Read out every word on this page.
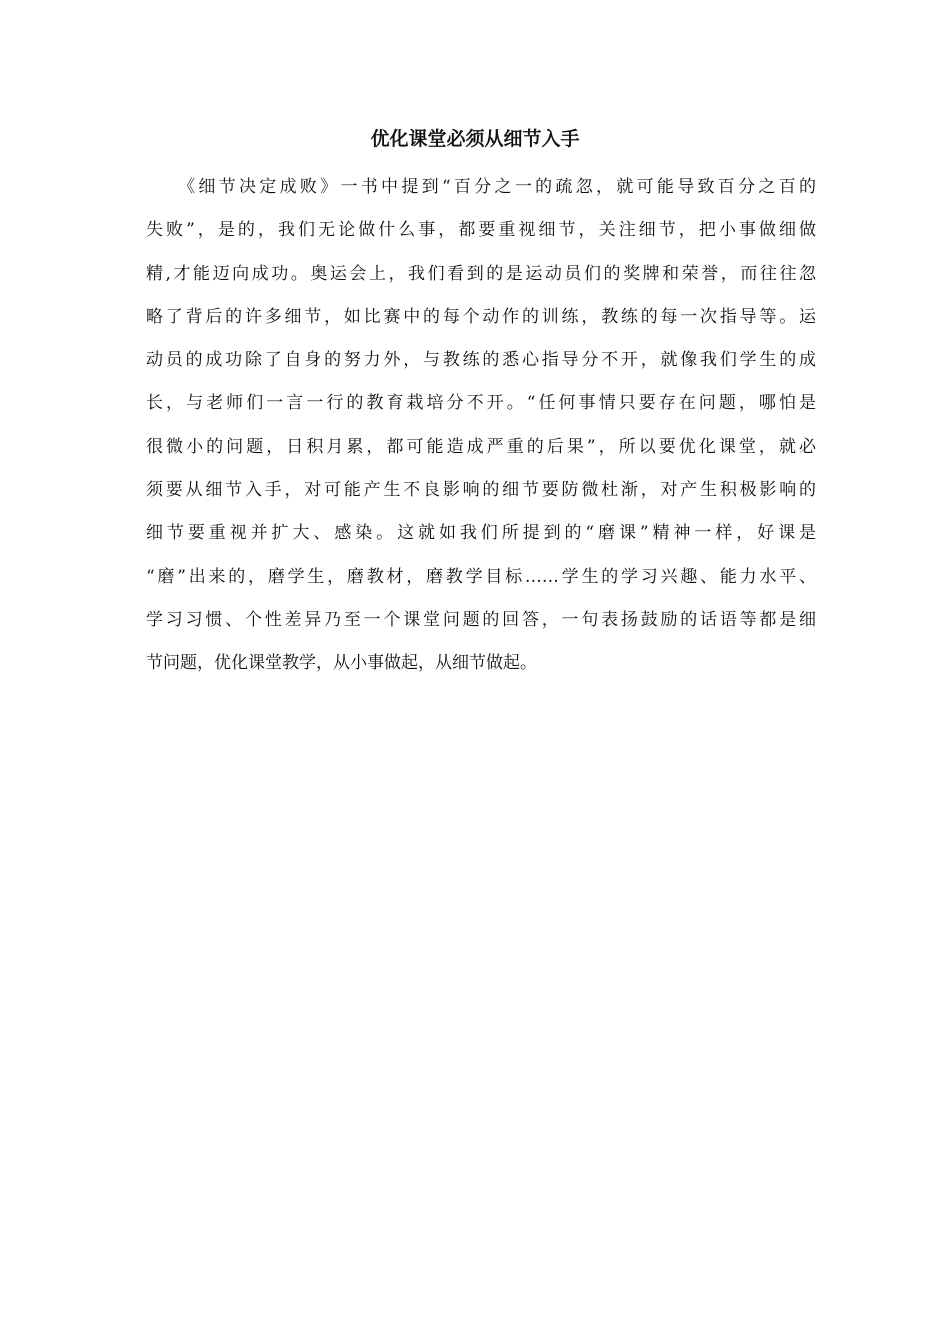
优化课堂必须从细节入手
　　《细节决定成败》一书中提到“百分之一的疏忽，就可能导致百分之百的
失败”，是的，我们无论做什么事，都要重视细节，关注细节，把小事做细做
精,才能迈向成功。奥运会上，我们看到的是运动员们的奖牌和荣誉，而往往忽
略了背后的许多细节，如比赛中的每个动作的训练，教练的每一次指导等。运
动员的成功除了自身的努力外，与教练的悉心指导分不开，就像我们学生的成
长，与老师们一言一行的教育栽培分不开。“任何事情只要存在问题，哪怕是
很微小的问题，日积月累，都可能造成严重的后果”，所以要优化课堂，就必
须要从细节入手，对可能产生不良影响的细节要防微杜渐，对产生积极影响的
细节要重视并扩大、感染。这就如我们所提到的“磨课”精神一样，好课是
“磨”出来的，磨学生，磨教材，磨教学目标……学生的学习兴趣、能力水平、
学习习惯、个性差异乃至一个课堂问题的回答，一句表扬鼓励的话语等都是细
节问题，优化课堂教学，从小事做起，从细节做起。
